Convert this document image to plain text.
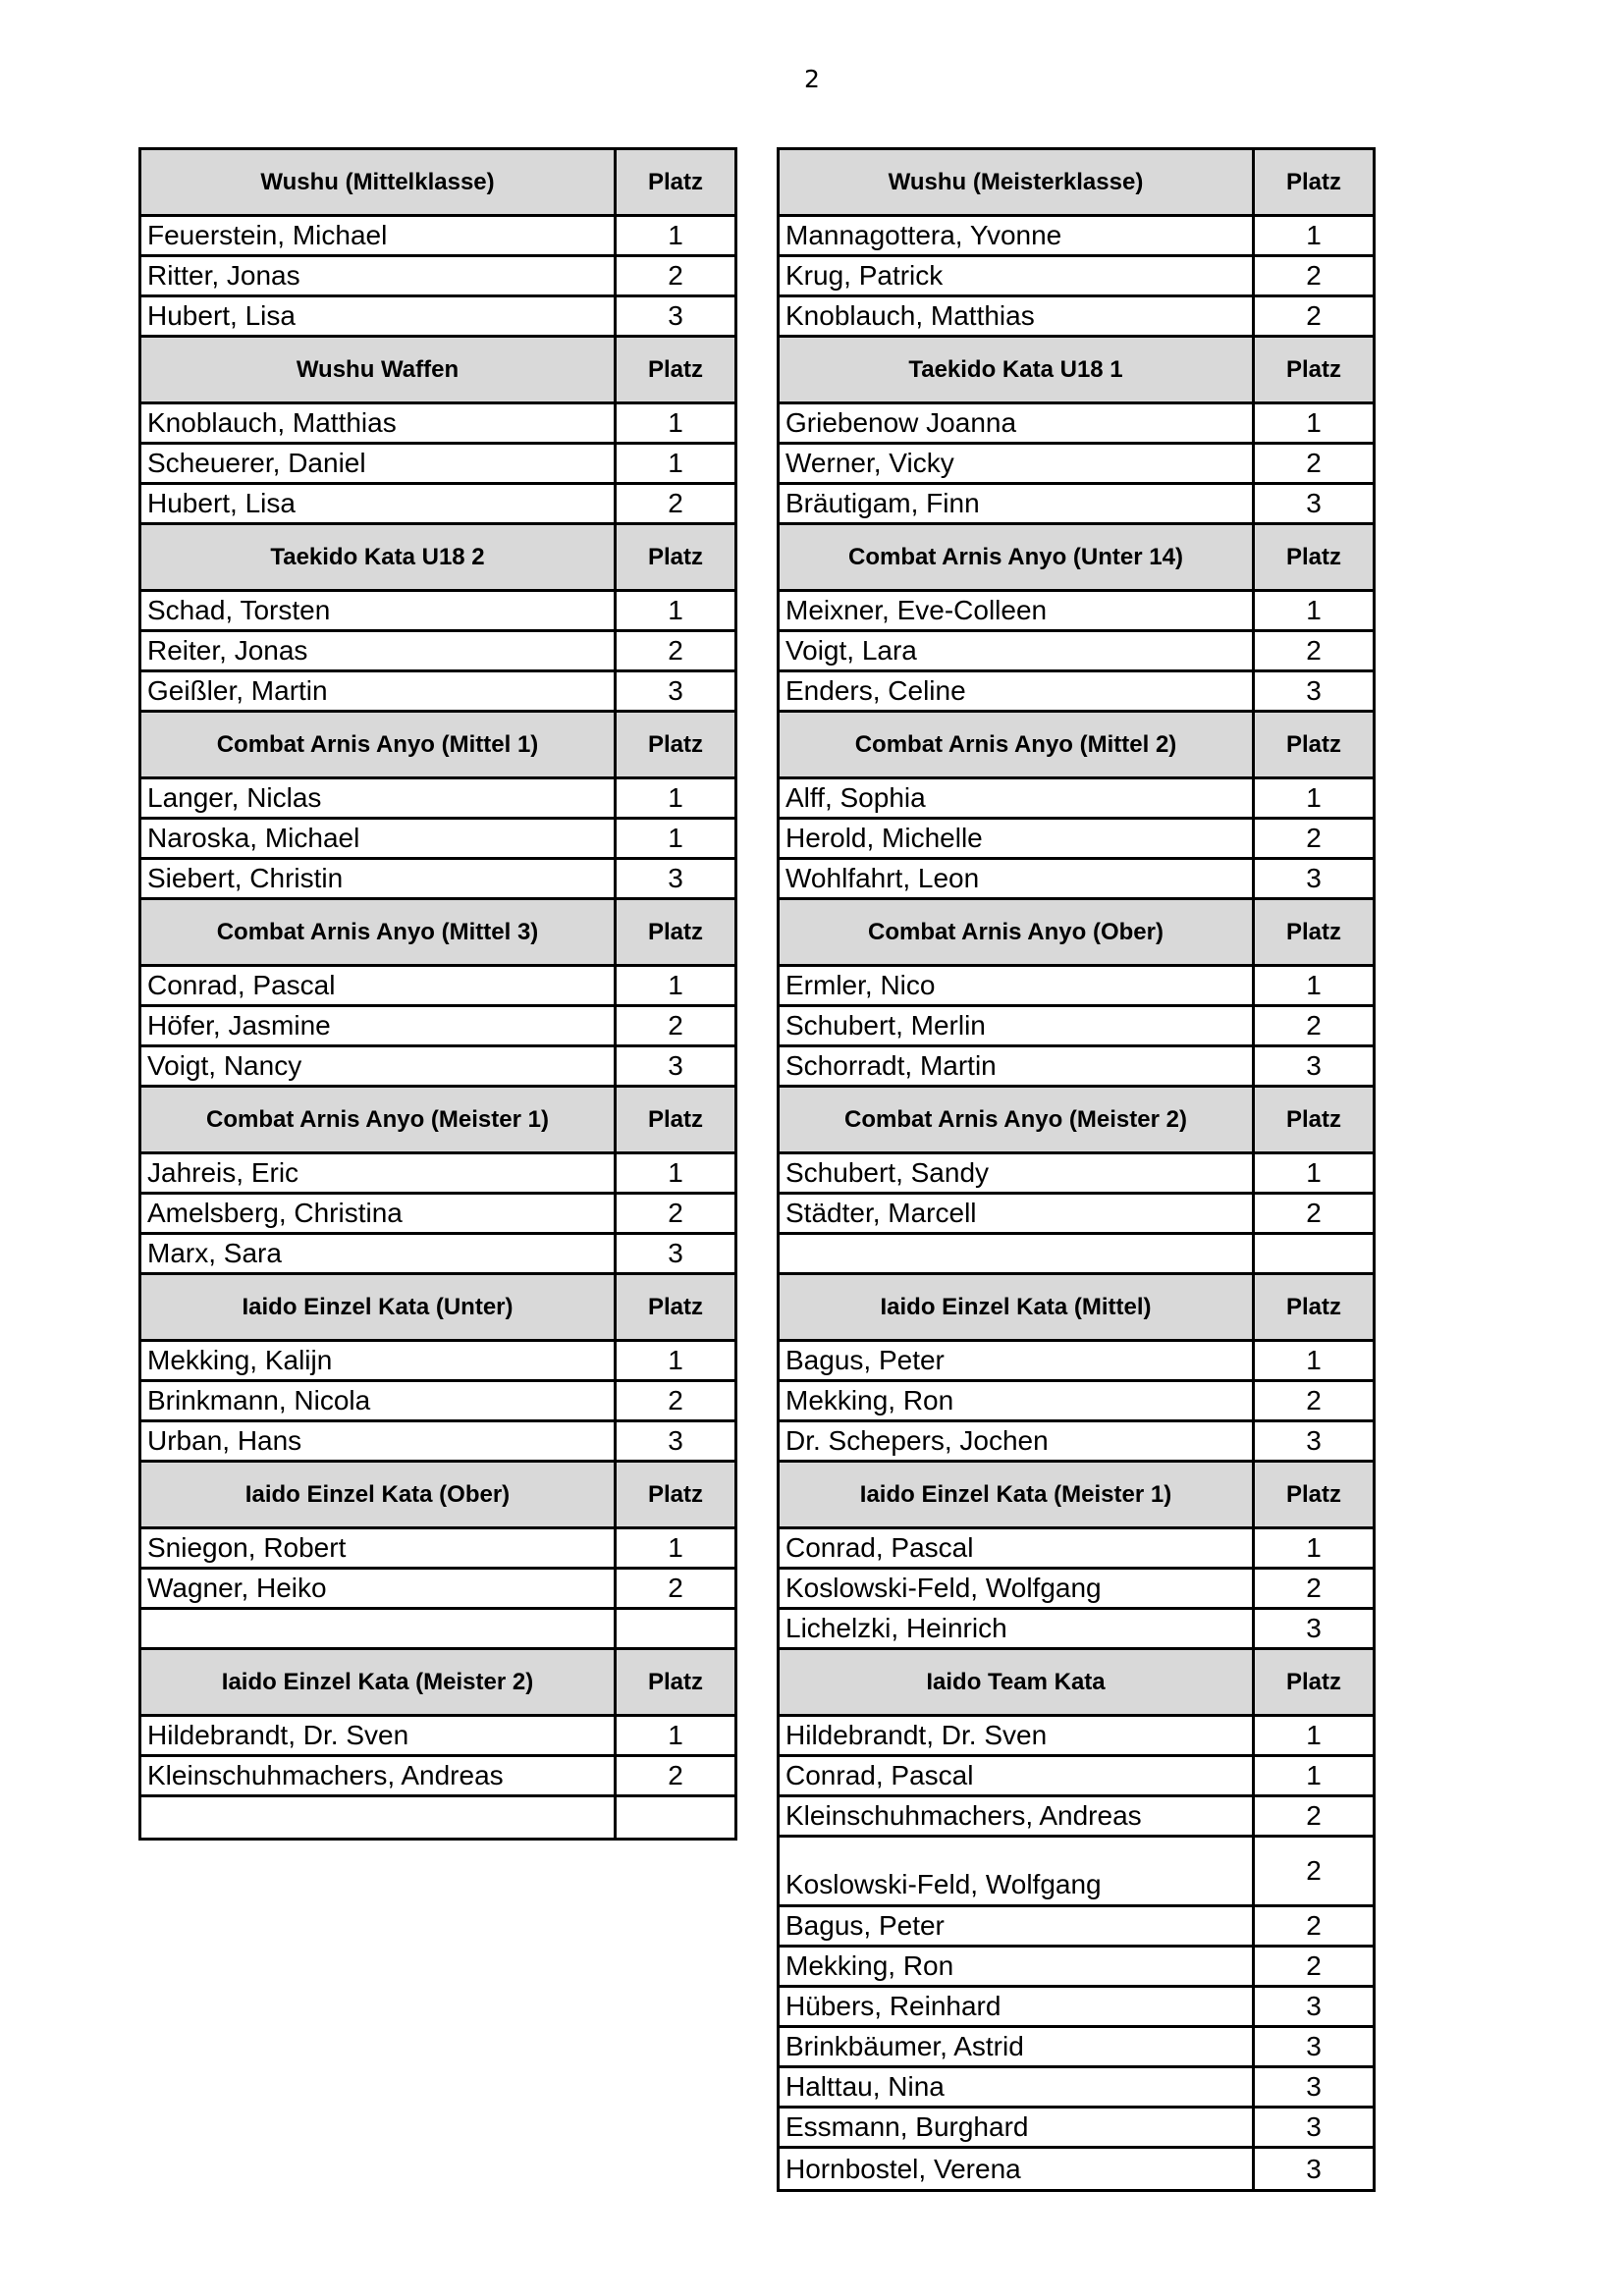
2
Wushu (Mittelklasse)	Platz
Feuerstein, Michael	1
Ritter, Jonas	2
Hubert, Lisa	3
Wushu Waffen	Platz
Knoblauch, Matthias	1
Scheuerer, Daniel	1
Hubert, Lisa	2
Taekido Kata U18 2	Platz
Schad, Torsten	1
Reiter, Jonas	2
Geißler, Martin	3
Combat Arnis Anyo (Mittel 1)	Platz
Langer, Niclas	1
Naroska, Michael	1
Siebert, Christin	3
Combat Arnis Anyo (Mittel 3)	Platz
Conrad, Pascal	1
Höfer, Jasmine	2
Voigt, Nancy	3
Combat Arnis Anyo (Meister 1)	Platz
Jahreis, Eric	1
Amelsberg, Christina	2
Marx, Sara	3
Iaido Einzel Kata (Unter)	Platz
Mekking, Kalijn	1
Brinkmann, Nicola	2
Urban, Hans	3
Iaido Einzel Kata (Ober)	Platz
Sniegon, Robert	1
Wagner, Heiko	2
Iaido Einzel Kata (Meister 2)	Platz
Hildebrandt, Dr. Sven	1
Kleinschuhmachers, Andreas	2
Wushu (Meisterklasse)	Platz
Mannagottera, Yvonne	1
Krug, Patrick	2
Knoblauch, Matthias	2
Taekido Kata U18 1	Platz
Griebenow Joanna	1
Werner, Vicky	2
Bräutigam, Finn	3
Combat Arnis Anyo (Unter 14)	Platz
Meixner, Eve-Colleen	1
Voigt, Lara	2
Enders, Celine	3
Combat Arnis Anyo (Mittel 2)	Platz
Alff, Sophia	1
Herold, Michelle	2
Wohlfahrt, Leon	3
Combat Arnis Anyo (Ober)	Platz
Ermler, Nico	1
Schubert, Merlin	2
Schorradt, Martin	3
Combat Arnis Anyo (Meister 2)	Platz
Schubert, Sandy	1
Städter, Marcell	2
Iaido Einzel Kata (Mittel)	Platz
Bagus, Peter	1
Mekking, Ron	2
Dr. Schepers, Jochen	3
Iaido Einzel Kata (Meister 1)	Platz
Conrad, Pascal	1
Koslowski-Feld, Wolfgang	2
Lichelzki, Heinrich	3
Iaido Team Kata	Platz
Hildebrandt, Dr. Sven	1
Conrad, Pascal	1
Kleinschuhmachers, Andreas	2
Koslowski-Feld, Wolfgang	2
Bagus, Peter	2
Mekking, Ron	2
Hübers, Reinhard	3
Brinkbäumer, Astrid	3
Halttau, Nina	3
Essmann, Burghard	3
Hornbostel, Verena	3
